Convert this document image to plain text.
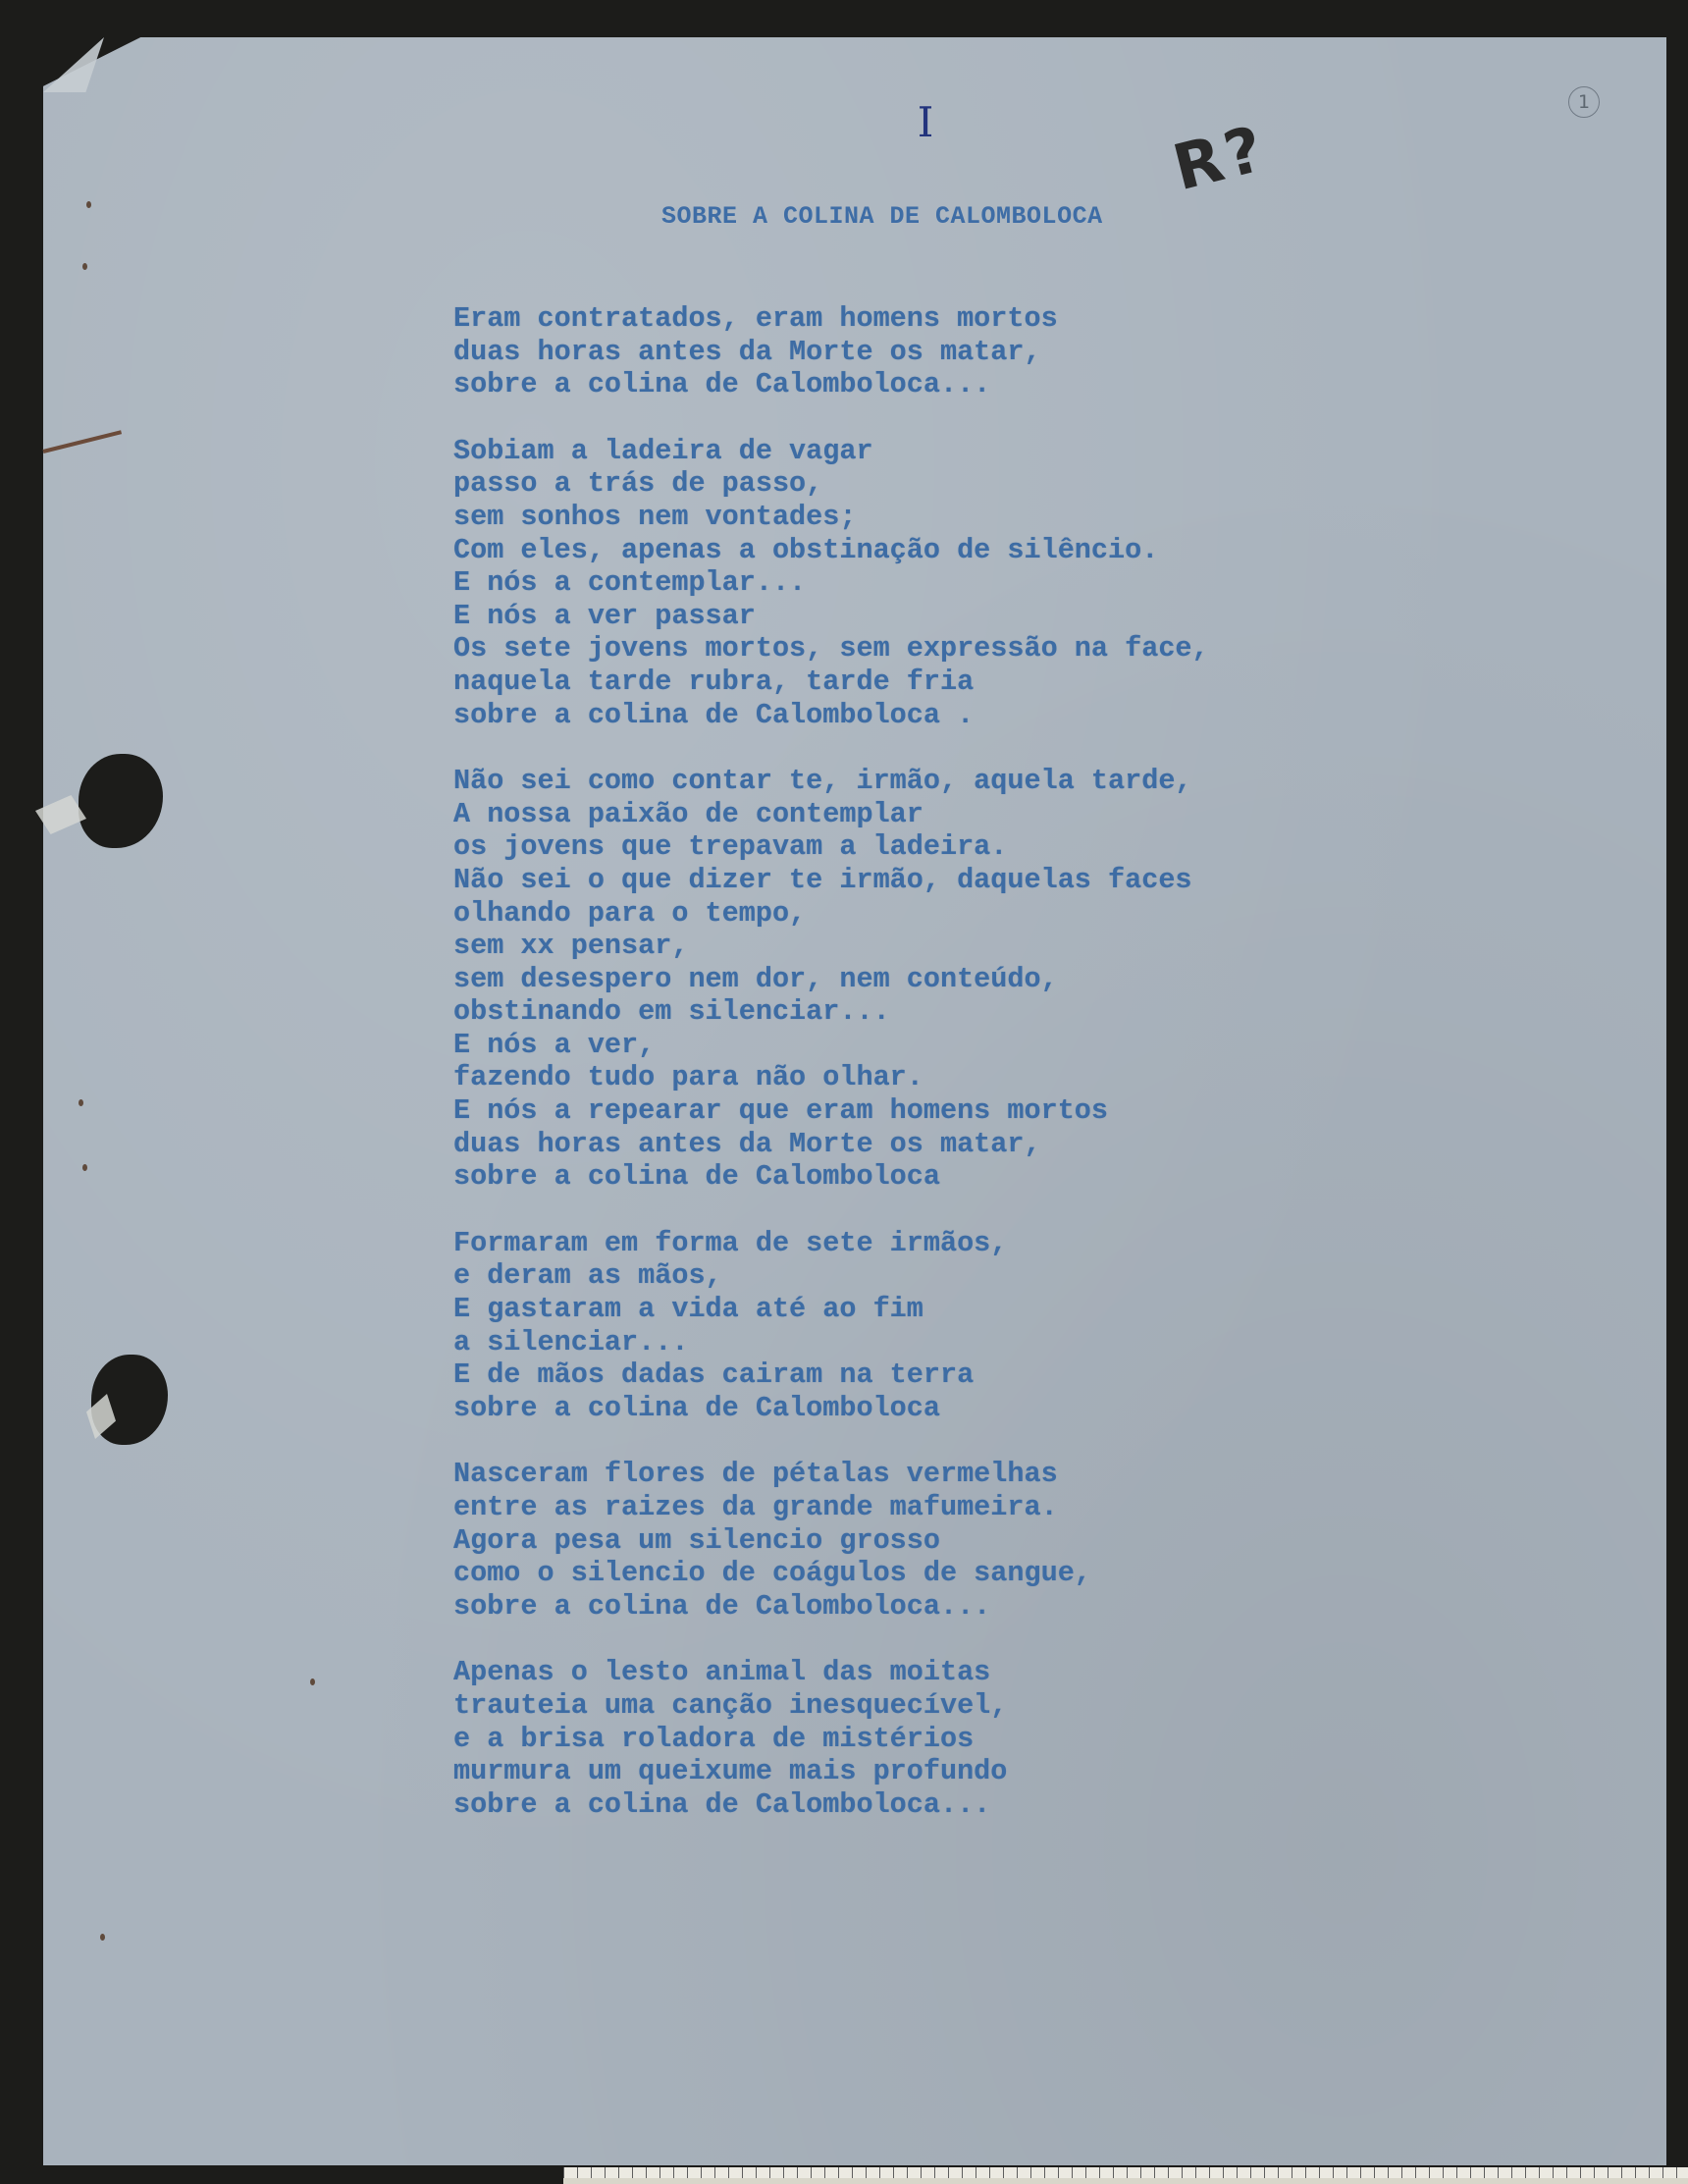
I	R?
1
SOBRE A COLINA DE CALOMBOLOCA
Eram contratados, eram homens mortos
duas horas antes da Morte os matar,
sobre a colina de Calomboloca...
Sobiam a ladeira de vagar
passo a trás de passo,
sem sonhos nem vontades;
Com eles, apenas a obstinação de silêncio.
E nós a contemplar...
E nós a ver passar
Os sete jovens mortos, sem expressão na face,
naquela tarde rubra, tarde fria
sobre a colina de Calomboloca .
Não sei como contar te, irmão, aquela tarde,
A nossa paixão de contemplar
os jovens que trepavam a ladeira.
Não sei o que dizer te irmão, daquelas faces
olhando para o tempo,
sem xx pensar,
sem desespero nem dor, nem conteúdo,
obstinando em silenciar...
E nós a ver,
fazendo tudo para não olhar.
E nós a repearar que eram homens mortos
duas horas antes da Morte os matar,
sobre a colina de Calomboloca
Formaram em forma de sete irmãos,
e deram as mãos,
E gastaram a vida até ao fim
a silenciar...
E de mãos dadas cairam na terra
sobre a colina de Calomboloca
Nasceram flores de pétalas vermelhas
entre as raizes da grande mafumeira.
Agora pesa um silencio grosso
como o silencio de coágulos de sangue,
sobre a colina de Calomboloca...
Apenas o lesto animal das moitas
trauteia uma canção inesquecível,
e a brisa roladora de mistérios
murmura um queixume mais profundo
sobre a colina de Calomboloca...
